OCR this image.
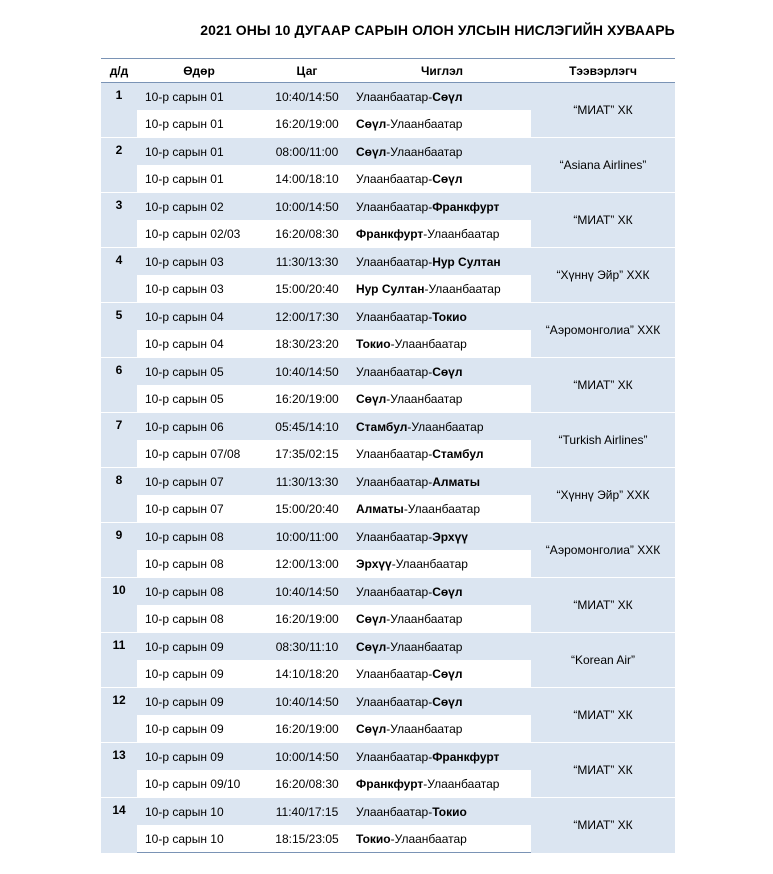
2021 ОНЫ 10 ДУГААР САРЫН ОЛОН УЛСЫН НИСЛЭГИЙН ХУВААРЬ
д/д	Өдөр	Цаг	Чиглэл	Тээвэрлэгч
1	10-р сарын 01	10:40/14:50	Улаанбаатар-Сөүл	“МИАТ” ХК
	10-р сарын 01	16:20/19:00	Сөүл-Улаанбаатар	
2	10-р сарын 01	08:00/11:00	Сөүл-Улаанбаатар	“Asiana Airlines”
	10-р сарын 01	14:00/18:10	Улаанбаатар-Сөүл	
3	10-р сарын 02	10:00/14:50	Улаанбаатар-Франкфурт	“МИАТ” ХК
	10-р сарын 02/03	16:20/08:30	Франкфурт-Улаанбаатар	
4	10-р сарын 03	11:30/13:30	Улаанбаатар-Нур Султан	“Хүннү Эйр” ХХК
	10-р сарын 03	15:00/20:40	Нур Султан-Улаанбаатар	
5	10-р сарын 04	12:00/17:30	Улаанбаатар-Токио	“Аэромонголиа” ХХК
	10-р сарын 04	18:30/23:20	Токио-Улаанбаатар	
6	10-р сарын 05	10:40/14:50	Улаанбаатар-Сөүл	“МИАТ” ХК
	10-р сарын 05	16:20/19:00	Сөүл-Улаанбаатар	
7	10-р сарын 06	05:45/14:10	Стамбул-Улаанбаатар	“Turkish Airlines”
	10-р сарын 07/08	17:35/02:15	Улаанбаатар-Стамбул	
8	10-р сарын 07	11:30/13:30	Улаанбаатар-Алматы	“Хүннү Эйр” ХХК
	10-р сарын 07	15:00/20:40	Алматы-Улаанбаатар	
9	10-р сарын 08	10:00/11:00	Улаанбаатар-Эрхүү	“Аэромонголиа” ХХК
	10-р сарын 08	12:00/13:00	Эрхүү-Улаанбаатар	
10	10-р сарын 08	10:40/14:50	Улаанбаатар-Сөүл	“МИАТ” ХК
	10-р сарын 08	16:20/19:00	Сөүл-Улаанбаатар	
11	10-р сарын 09	08:30/11:10	Сөүл-Улаанбаатар	“Korean Air”
	10-р сарын 09	14:10/18:20	Улаанбаатар-Сөүл	
12	10-р сарын 09	10:40/14:50	Улаанбаатар-Сөүл	“МИАТ” ХК
	10-р сарын 09	16:20/19:00	Сөүл-Улаанбаатар	
13	10-р сарын 09	10:00/14:50	Улаанбаатар-Франкфурт	“МИАТ” ХК
	10-р сарын 09/10	16:20/08:30	Франкфурт-Улаанбаатар	
14	10-р сарын 10	11:40/17:15	Улаанбаатар-Токио	“МИАТ” ХК
	10-р сарын 10	18:15/23:05	Токио-Улаанбаатар	
